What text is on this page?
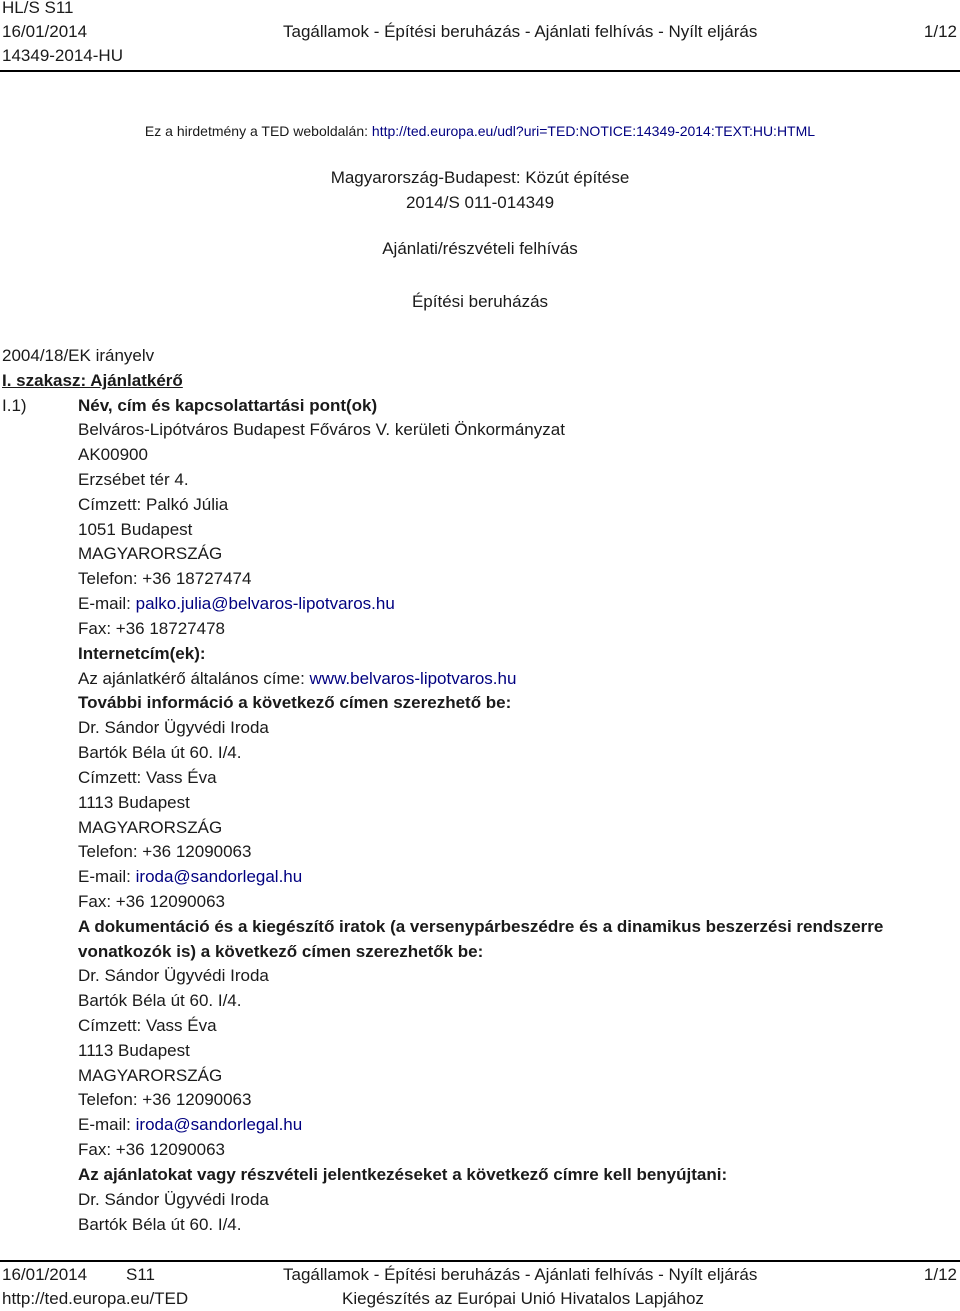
HL/S S11
16/01/2014
14349-2014-HU
Tagállamok - Építési beruházás - Ajánlati felhívás - Nyílt eljárás	1/12
Ez a hirdetmény a TED weboldalán: http://ted.europa.eu/udl?uri=TED:NOTICE:14349-2014:TEXT:HU:HTML
Magyarország-Budapest: Közút építése
2014/S 011-014349
Ajánlati/részvételi felhívás
Építési beruházás
2004/18/EK irányelv
I. szakasz: Ajánlatkérő
I.1)	Név, cím és kapcsolattartási pont(ok)
Belváros-Lipótváros Budapest Főváros V. kerületi Önkormányzat
AK00900
Erzsébet tér 4.
Címzett: Palkó Júlia
1051 Budapest
MAGYARORSZÁG
Telefon: +36 18727474
E-mail: palko.julia@belvaros-lipotvaros.hu
Fax: +36 18727478
Internetcím(ek):
Az ajánlatkérő általános címe: www.belvaros-lipotvaros.hu
További információ a következő címen szerezhető be:
Dr. Sándor Ügyvédi Iroda
Bartók Béla út 60. I/4.
Címzett: Vass Éva
1113 Budapest
MAGYARORSZÁG
Telefon: +36 12090063
E-mail: iroda@sandorlegal.hu
Fax: +36 12090063
A dokumentáció és a kiegészítő iratok (a versenypárbeszédre és a dinamikus beszerzési rendszerre
vonatkozók is) a következő címen szerezhetők be:
Dr. Sándor Ügyvédi Iroda
Bartók Béla út 60. I/4.
Címzett: Vass Éva
1113 Budapest
MAGYARORSZÁG
Telefon: +36 12090063
E-mail: iroda@sandorlegal.hu
Fax: +36 12090063
Az ajánlatokat vagy részvételi jelentkezéseket a következő címre kell benyújtani:
Dr. Sándor Ügyvédi Iroda
Bartók Béla út 60. I/4.
16/01/2014 S11	Tagállamok - Építési beruházás - Ajánlati felhívás - Nyílt eljárás	1/12
http://ted.europa.eu/TED	Kiegészítés az Európai Unió Hivatalos Lapjához
